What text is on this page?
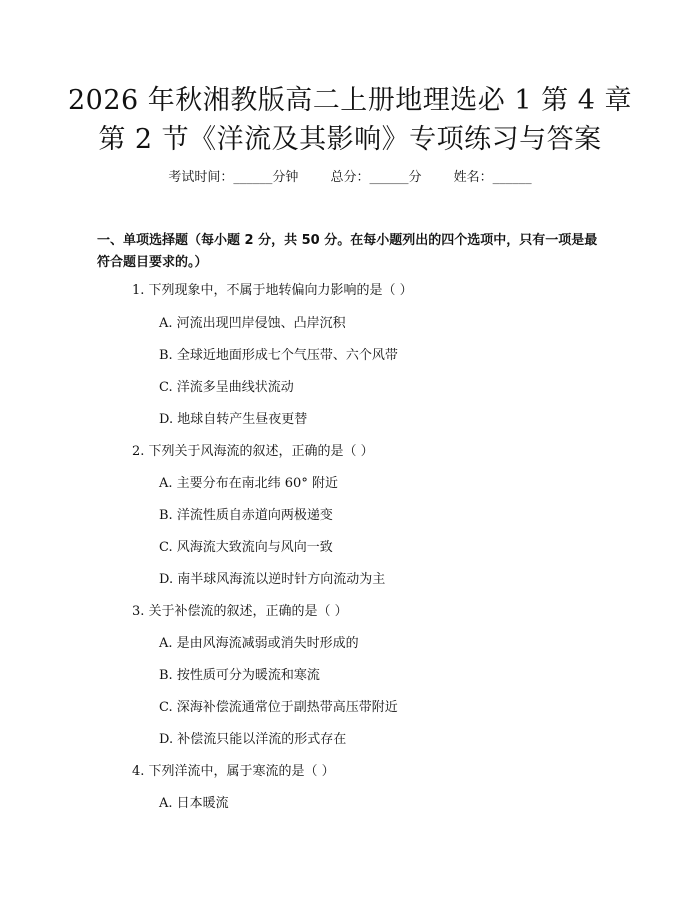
2026 年秋湘教版高二上册地理选必 1 第 4 章
第 2 节《洋流及其影响》专项练习与答案
考试时间：______分钟 总分：______分 姓名：______
一、单项选择题（每小题 2 分，共 50 分。在每小题列出的四个选项中，只有一项是最符合题目要求的。）
1. 下列现象中，不属于地转偏向力影响的是（ ）
A. 河流出现凹岸侵蚀、凸岸沉积
B. 全球近地面形成七个气压带、六个风带
C. 洋流多呈曲线状流动
D. 地球自转产生昼夜更替
2. 下列关于风海流的叙述，正确的是（ ）
A. 主要分布在南北纬 60° 附近
B. 洋流性质自赤道向两极递变
C. 风海流大致流向与风向一致
D. 南半球风海流以逆时针方向流动为主
3. 关于补偿流的叙述，正确的是（ ）
A. 是由风海流减弱或消失时形成的
B. 按性质可分为暖流和寒流
C. 深海补偿流通常位于副热带高压带附近
D. 补偿流只能以洋流的形式存在
4. 下列洋流中，属于寒流的是（ ）
A. 日本暖流
